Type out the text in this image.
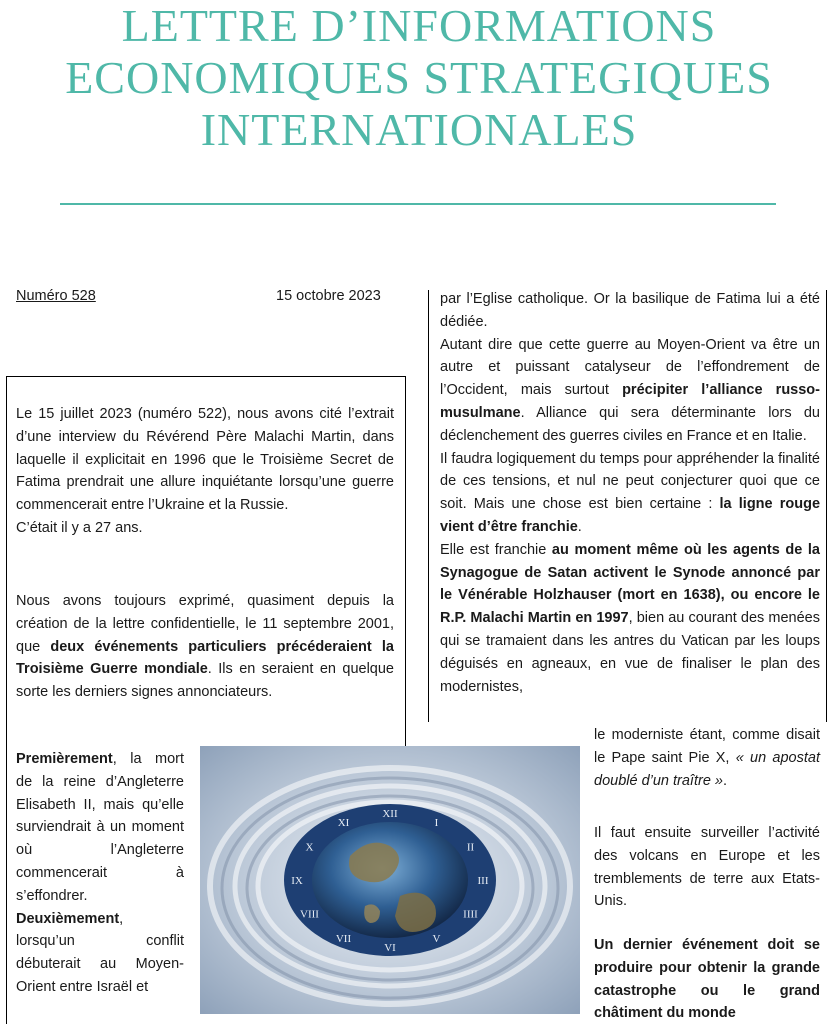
LETTRE D’INFORMATIONS
ECONOMIQUES STRATEGIQUES
INTERNATIONALES
Numéro 528	15 octobre 2023

Le 15 juillet 2023 (numéro 522), nous avons cité l’extrait d’une interview du Révérend Père Malachi Martin, dans laquelle il explicitait en 1996 que le Troisième Secret de Fatima prendrait une allure inquiétante lorsqu’une guerre commencerait entre l’Ukraine et la Russie.

C’était il y a 27 ans.

Nous avons toujours exprimé, quasiment depuis la création de la lettre confidentielle, le 11 septembre 2001, que deux événements particuliers précéderaient la Troisième Guerre mondiale. Ils en seraient en quelque sorte les derniers signes annonciateurs.

Premièrement, la mort de la reine d’Angleterre Elisabeth II, mais qu’elle surviendrait à un moment où l’Angleterre commencerait à s’effondrer.

Deuxièmement, lorsqu’un conflit débuterait au Moyen-Orient entre Israël et

XII
I
II
III
IIII
V
VI
VII
VIII
IX
X
XI

par l’Eglise catholique. Or la basilique de Fatima lui a été dédiée.

Autant dire que cette guerre au Moyen-Orient va être un autre et puissant catalyseur de l’effondrement de l’Occident, mais surtout précipiter l’alliance russo-musulmane. Alliance qui sera déterminante lors du déclenchement des guerres civiles en France et en Italie.

Il faudra logiquement du temps pour appréhender la finalité de ces tensions, et nul ne peut conjecturer quoi que ce soit. Mais une chose est bien certaine : la ligne rouge vient d’être franchie.

Elle est franchie au moment même où les agents de la Synagogue de Satan activent le Synode annoncé par le Vénérable Holzhauser (mort en 1638), ou encore le R.P. Malachi Martin en 1997, bien au courant des menées qui se tramaient dans les antres du Vatican par les loups déguisés en agneaux, en vue de finaliser le plan des modernistes,

le moderniste étant, comme disait le Pape saint Pie X, « un apostat doublé d’un traître ».

Il faut ensuite surveiller l’activité des volcans en Europe et les tremblements de terre aux Etats-Unis.

Un dernier événement doit se produire pour obtenir la grande catastrophe ou le grand châtiment du monde
